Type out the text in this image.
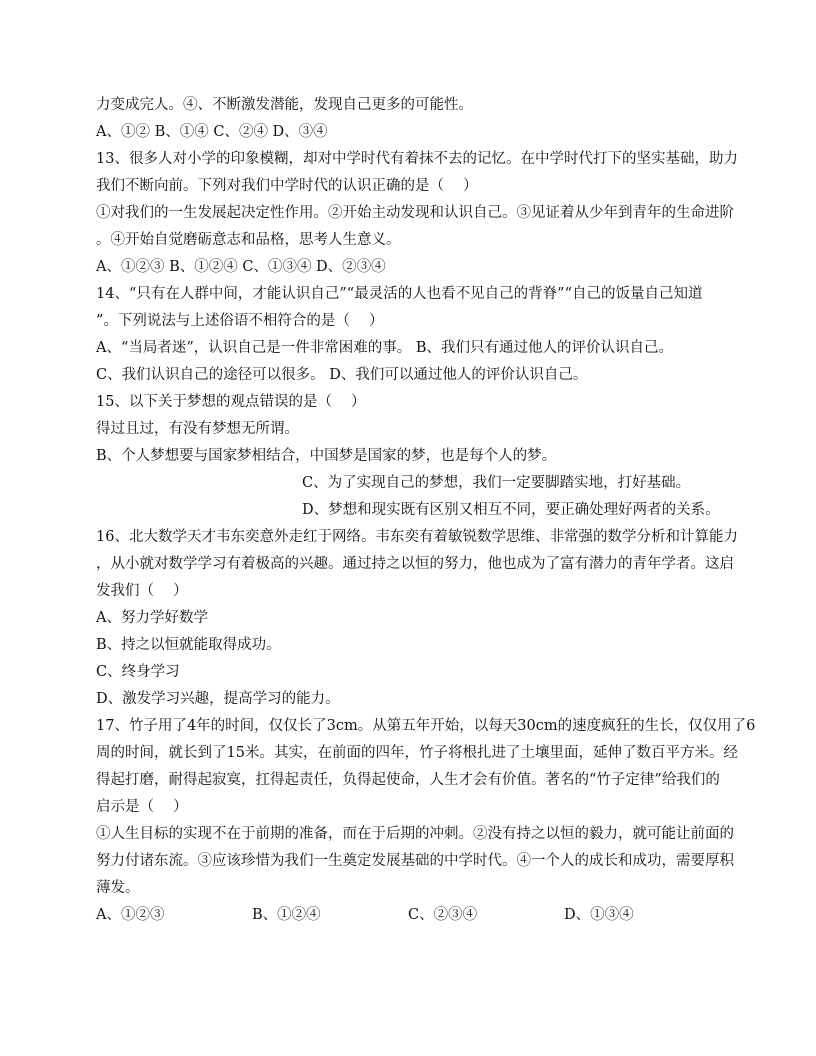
力变成完人。④、不断激发潜能，发现自己更多的可能性。
A、①② B、①④ C、②④ D、③④
13、很多人对小学的印象模糊，却对中学时代有着抹不去的记忆。在中学时代打下的坚实基础，助力
我们不断向前。下列对我们中学时代的认识正确的是（　 ）
①对我们的一生发展起决定性作用。②开始主动发现和认识自己。③见证着从少年到青年的生命进阶
。④开始自觉磨砺意志和品格，思考人生意义。
A、①②③ B、①②④ C、①③④ D、②③④
14、“只有在人群中间，才能认识自己”“最灵活的人也看不见自己的背脊”“自己的饭量自己知道
”。下列说法与上述俗语不相符合的是（　 ）
A、“当局者迷”，认识自己是一件非常困难的事。 B、我们只有通过他人的评价认识自己。
C、我们认识自己的途径可以很多。 D、我们可以通过他人的评价认识自己。
15、以下关于梦想的观点错误的是（　 ）
得过且过，有没有梦想无所谓。
B、个人梦想要与国家梦相结合，中国梦是国家的梦，也是每个人的梦。
C、为了实现自己的梦想，我们一定要脚踏实地，打好基础。
D、梦想和现实既有区别又相互不同，要正确处理好两者的关系。
16、北大数学天才韦东奕意外走红于网络。韦东奕有着敏锐数学思维、非常强的数学分析和计算能力
，从小就对数学学习有着极高的兴趣。通过持之以恒的努力，他也成为了富有潜力的青年学者。这启
发我们（　 ）
A、努力学好数学
B、持之以恒就能取得成功。
C、终身学习
D、激发学习兴趣，提高学习的能力。
17、竹子用了4年的时间，仅仅长了3cm。从第五年开始，以每天30cm的速度疯狂的生长，仅仅用了6
周的时间，就长到了15米。其实，在前面的四年，竹子将根扎进了土壤里面，延伸了数百平方米。经
得起打磨，耐得起寂寞，扛得起责任，负得起使命，人生才会有价值。著名的“竹子定律”给我们的
启示是（　 ）
①人生目标的实现不在于前期的准备，而在于后期的冲刺。②没有持之以恒的毅力，就可能让前面的
努力付诸东流。③应该珍惜为我们一生奠定发展基础的中学时代。④一个人的成长和成功，需要厚积
薄发。
A、①②③	B、①②④	C、②③④	D、①③④
